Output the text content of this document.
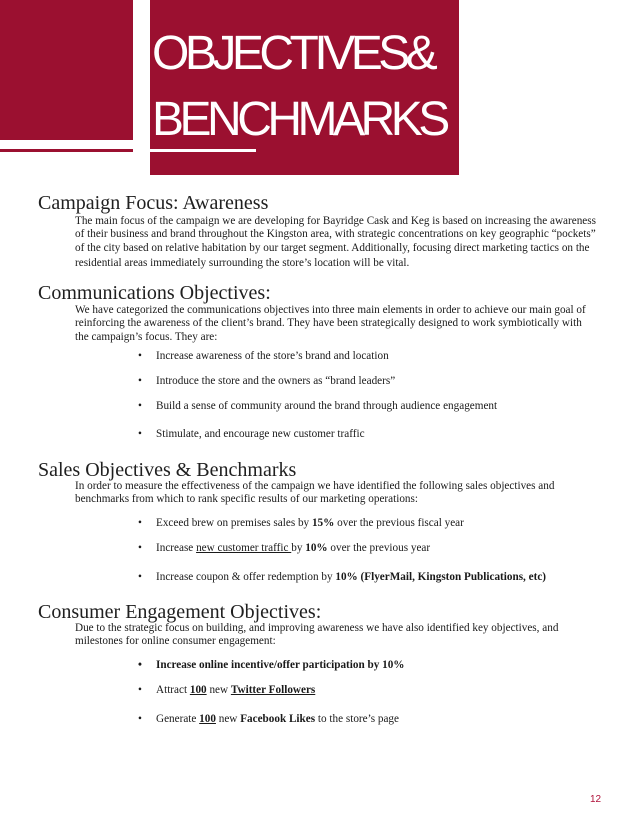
OBJECTIVES&
BENCHMARKS
Campaign Focus: Awareness
The main focus of the campaign we are developing for Bayridge Cask and Keg is based on increasing the awareness
of their business and brand throughout the Kingston area, with strategic concentrations on key geographic “pockets”
of the city based on relative habitation by our target segment. Additionally, focusing direct marketing tactics on the
residential areas immediately surrounding the store’s location will be vital.
Communications Objectives:
We have categorized the communications objectives into three main elements in order to achieve our main goal of
reinforcing the awareness of the client’s brand. They have been strategically designed to work symbiotically with
the campaign’s focus. They are:
• Increase awareness of the store’s brand and location
• Introduce the store and the owners as “brand leaders”
• Build a sense of community around the brand through audience engagement
• Stimulate, and encourage new customer traffic
Sales Objectives & Benchmarks
In order to measure the effectiveness of the campaign we have identified the following sales objectives and
benchmarks from which to rank specific results of our marketing operations:
• Exceed brew on premises sales by 15% over the previous fiscal year
• Increase new customer traffic by 10% over the previous year
• Increase coupon & offer redemption by 10% (FlyerMail, Kingston Publications, etc)
Consumer Engagement Objectives:
Due to the strategic focus on building, and improving awareness we have also identified key objectives, and
milestones for online consumer engagement:
• Increase online incentive/offer participation by 10%
• Attract 100 new Twitter Followers
• Generate 100 new Facebook Likes to the store’s page
12
